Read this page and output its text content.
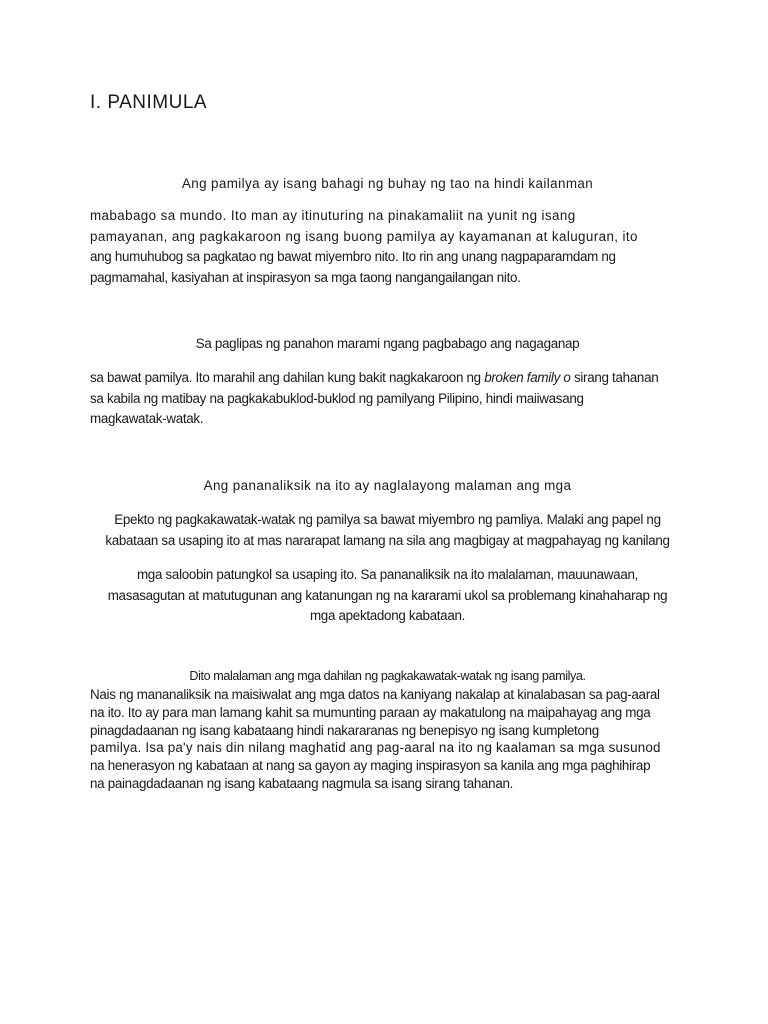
I. PANIMULA
Ang pamilya ay isang bahagi ng buhay ng tao na hindi kailanman
mababago sa mundo. Ito man ay itinuturing na pinakamaliit na yunit ng isang
pamayanan, ang pagkakaroon ng isang buong pamilya ay kayamanan at kaluguran, ito
ang humuhubog sa pagkatao ng bawat miyembro nito. Ito rin ang unang nagpaparamdam ng
pagmamahal, kasiyahan at inspirasyon sa mga taong nangangailangan nito.
Sa paglipas ng panahon marami ngang pagbabago ang nagaganap
sa bawat pamilya. Ito marahil ang dahilan kung bakit nagkakaroon ng broken family o sirang tahanan
sa kabila ng matibay na pagkakabuklod-buklod ng pamilyang Pilipino, hindi maiiwasang
magkawatak-watak.
Ang pananaliksik na ito ay naglalayong malaman ang mga
Epekto ng pagkakawatak-watak ng pamilya sa bawat miyembro ng pamliya. Malaki ang papel ng
kabataan sa usaping ito at mas nararapat lamang na sila ang magbigay at magpahayag ng kanilang
mga saloobin patungkol sa usaping ito. Sa pananaliksik na ito malalaman, mauunawaan,
masasagutan at matutugunan ang katanungan ng na kararami ukol sa problemang kinahaharap ng
mga apektadong kabataan.
Dito malalaman ang mga dahilan ng pagkakawatak-watak ng isang pamilya.
Nais ng mananaliksik na maisiwalat ang mga datos na kaniyang nakalap at kinalabasan sa pag-aaral
na ito. Ito ay para man lamang kahit sa mumunting paraan ay makatulong na maipahayag ang mga
pinagdadaanan ng isang kabataang hindi nakararanas ng benepisyo ng isang kumpletong
pamilya. Isa pa'y nais din nilang maghatid ang pag-aaral na ito ng kaalaman sa mga susunod
na henerasyon ng kabataan at nang sa gayon ay maging inspirasyon sa kanila ang mga paghihirap
na painagdadaanan ng isang kabataang nagmula sa isang sirang tahanan.
